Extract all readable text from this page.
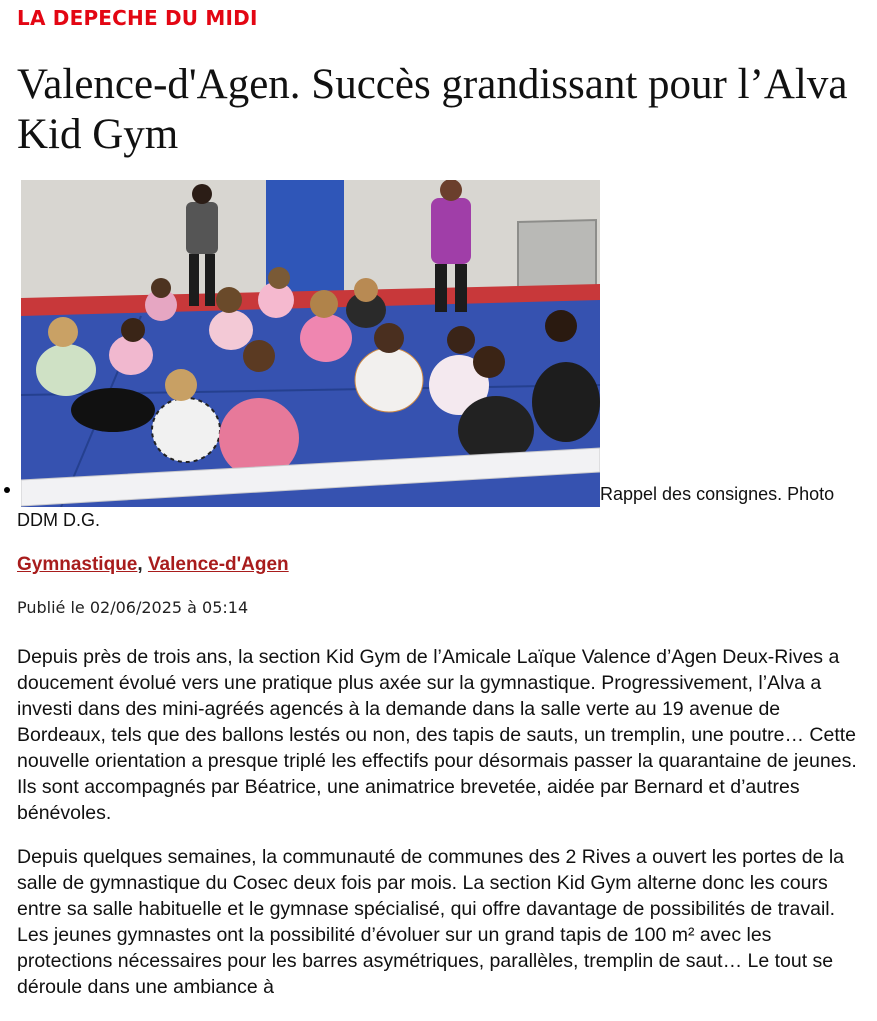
LA DEPECHE DU MIDI
Valence-d'Agen. Succès grandissant pour l’Alva Kid Gym
Rappel des consignes. Photo DDM D.G.
Gymnastique, Valence-d'Agen
Publié le 02/06/2025 à 05:14

Depuis près de trois ans, la section Kid Gym de l’Amicale Laïque Valence d’Agen Deux-Rives a doucement évolué vers une pratique plus axée sur la gymnastique. Progressivement, l’Alva a investi dans des mini-agréés agencés à la demande dans la salle verte au 19 avenue de Bordeaux, tels que des ballons lestés ou non, des tapis de sauts, un tremplin, une poutre… Cette nouvelle orientation a presque triplé les effectifs pour désormais passer la quarantaine de jeunes. Ils sont accompagnés par Béatrice, une animatrice brevetée, aidée par Bernard et d’autres bénévoles.

Depuis quelques semaines, la communauté de communes des 2 Rives a ouvert les portes de la salle de gymnastique du Cosec deux fois par mois. La section Kid Gym alterne donc les cours entre sa salle habituelle et le gymnase spécialisé, qui offre davantage de possibilités de travail. Les jeunes gymnastes ont la possibilité d’évoluer sur un grand tapis de 100 m² avec les protections nécessaires pour les barres asymétriques, parallèles, tremplin de saut… Le tout se déroule dans une ambiance à
